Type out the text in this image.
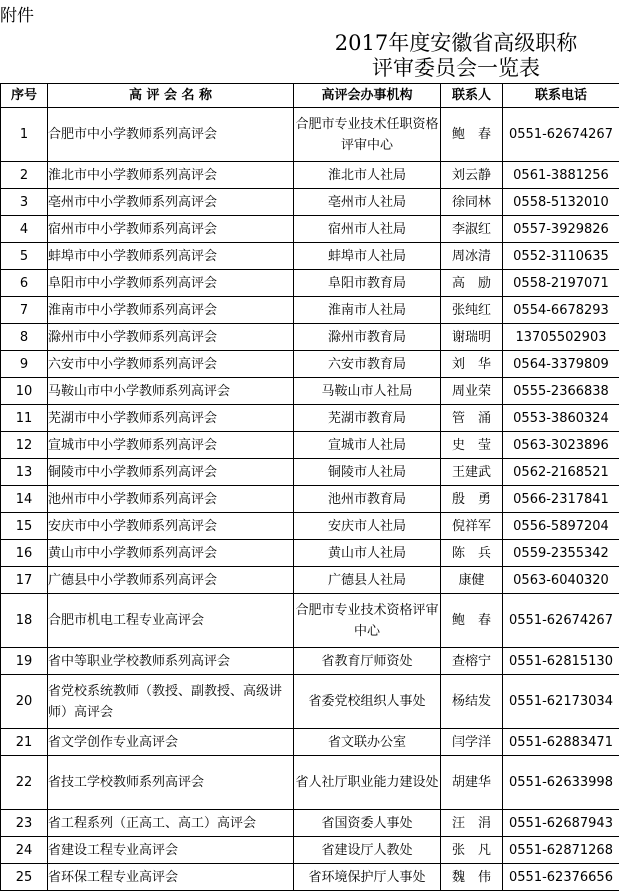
附件
2017年度安徽省高级职称
评审委员会一览表
序号	高 评 会 名 称	高评会办事机构	联系人	联系电话
1	合肥市中小学教师系列高评会	合肥市专业技术任职资格评审中心	鲍　春	0551-62674267
2	淮北市中小学教师系列高评会	淮北市人社局	刘云静	0561-3881256
3	亳州市中小学教师系列高评会	亳州市人社局	徐同林	0558-5132010
4	宿州市中小学教师系列高评会	宿州市人社局	李淑红	0557-3929826
5	蚌埠市中小学教师系列高评会	蚌埠市人社局	周冰清	0552-3110635
6	阜阳市中小学教师系列高评会	阜阳市教育局	高　励	0558-2197071
7	淮南市中小学教师系列高评会	淮南市人社局	张纯红	0554-6678293
8	滁州市中小学教师系列高评会	滁州市教育局	谢瑞明	13705502903
9	六安市中小学教师系列高评会	六安市教育局	刘　华	0564-3379809
10	马鞍山市中小学教师系列高评会	马鞍山市人社局	周业荣	0555-2366838
11	芜湖市中小学教师系列高评会	芜湖市教育局	管　涌	0553-3860324
12	宣城市中小学教师系列高评会	宣城市人社局	史　莹	0563-3023896
13	铜陵市中小学教师系列高评会	铜陵市人社局	王建武	0562-2168521
14	池州市中小学教师系列高评会	池州市教育局	殷　勇	0566-2317841
15	安庆市中小学教师系列高评会	安庆市人社局	倪祥军	0556-5897204
16	黄山市中小学教师系列高评会	黄山市人社局	陈　兵	0559-2355342
17	广德县中小学教师系列高评会	广德县人社局	康健	0563-6040320
18	合肥市机电工程专业高评会	合肥市专业技术资格评审中心	鲍　春	0551-62674267
19	省中等职业学校教师系列高评会	省教育厅师资处	查榕宁	0551-62815130
20	省党校系统教师（教授、副教授、高级讲师）高评会	省委党校组织人事处	杨结发	0551-62173034
21	省文学创作专业高评会	省文联办公室	闫学洋	0551-62883471
22	省技工学校教师系列高评会	省人社厅职业能力建设处	胡建华	0551-62633998
23	省工程系列（正高工、高工）高评会	省国资委人事处	汪　涓	0551-62687943
24	省建设工程专业高评会	省建设厅人教处	张　凡	0551-62871268
25	省环保工程专业高评会	省环境保护厅人事处	魏　伟	0551-62376656
